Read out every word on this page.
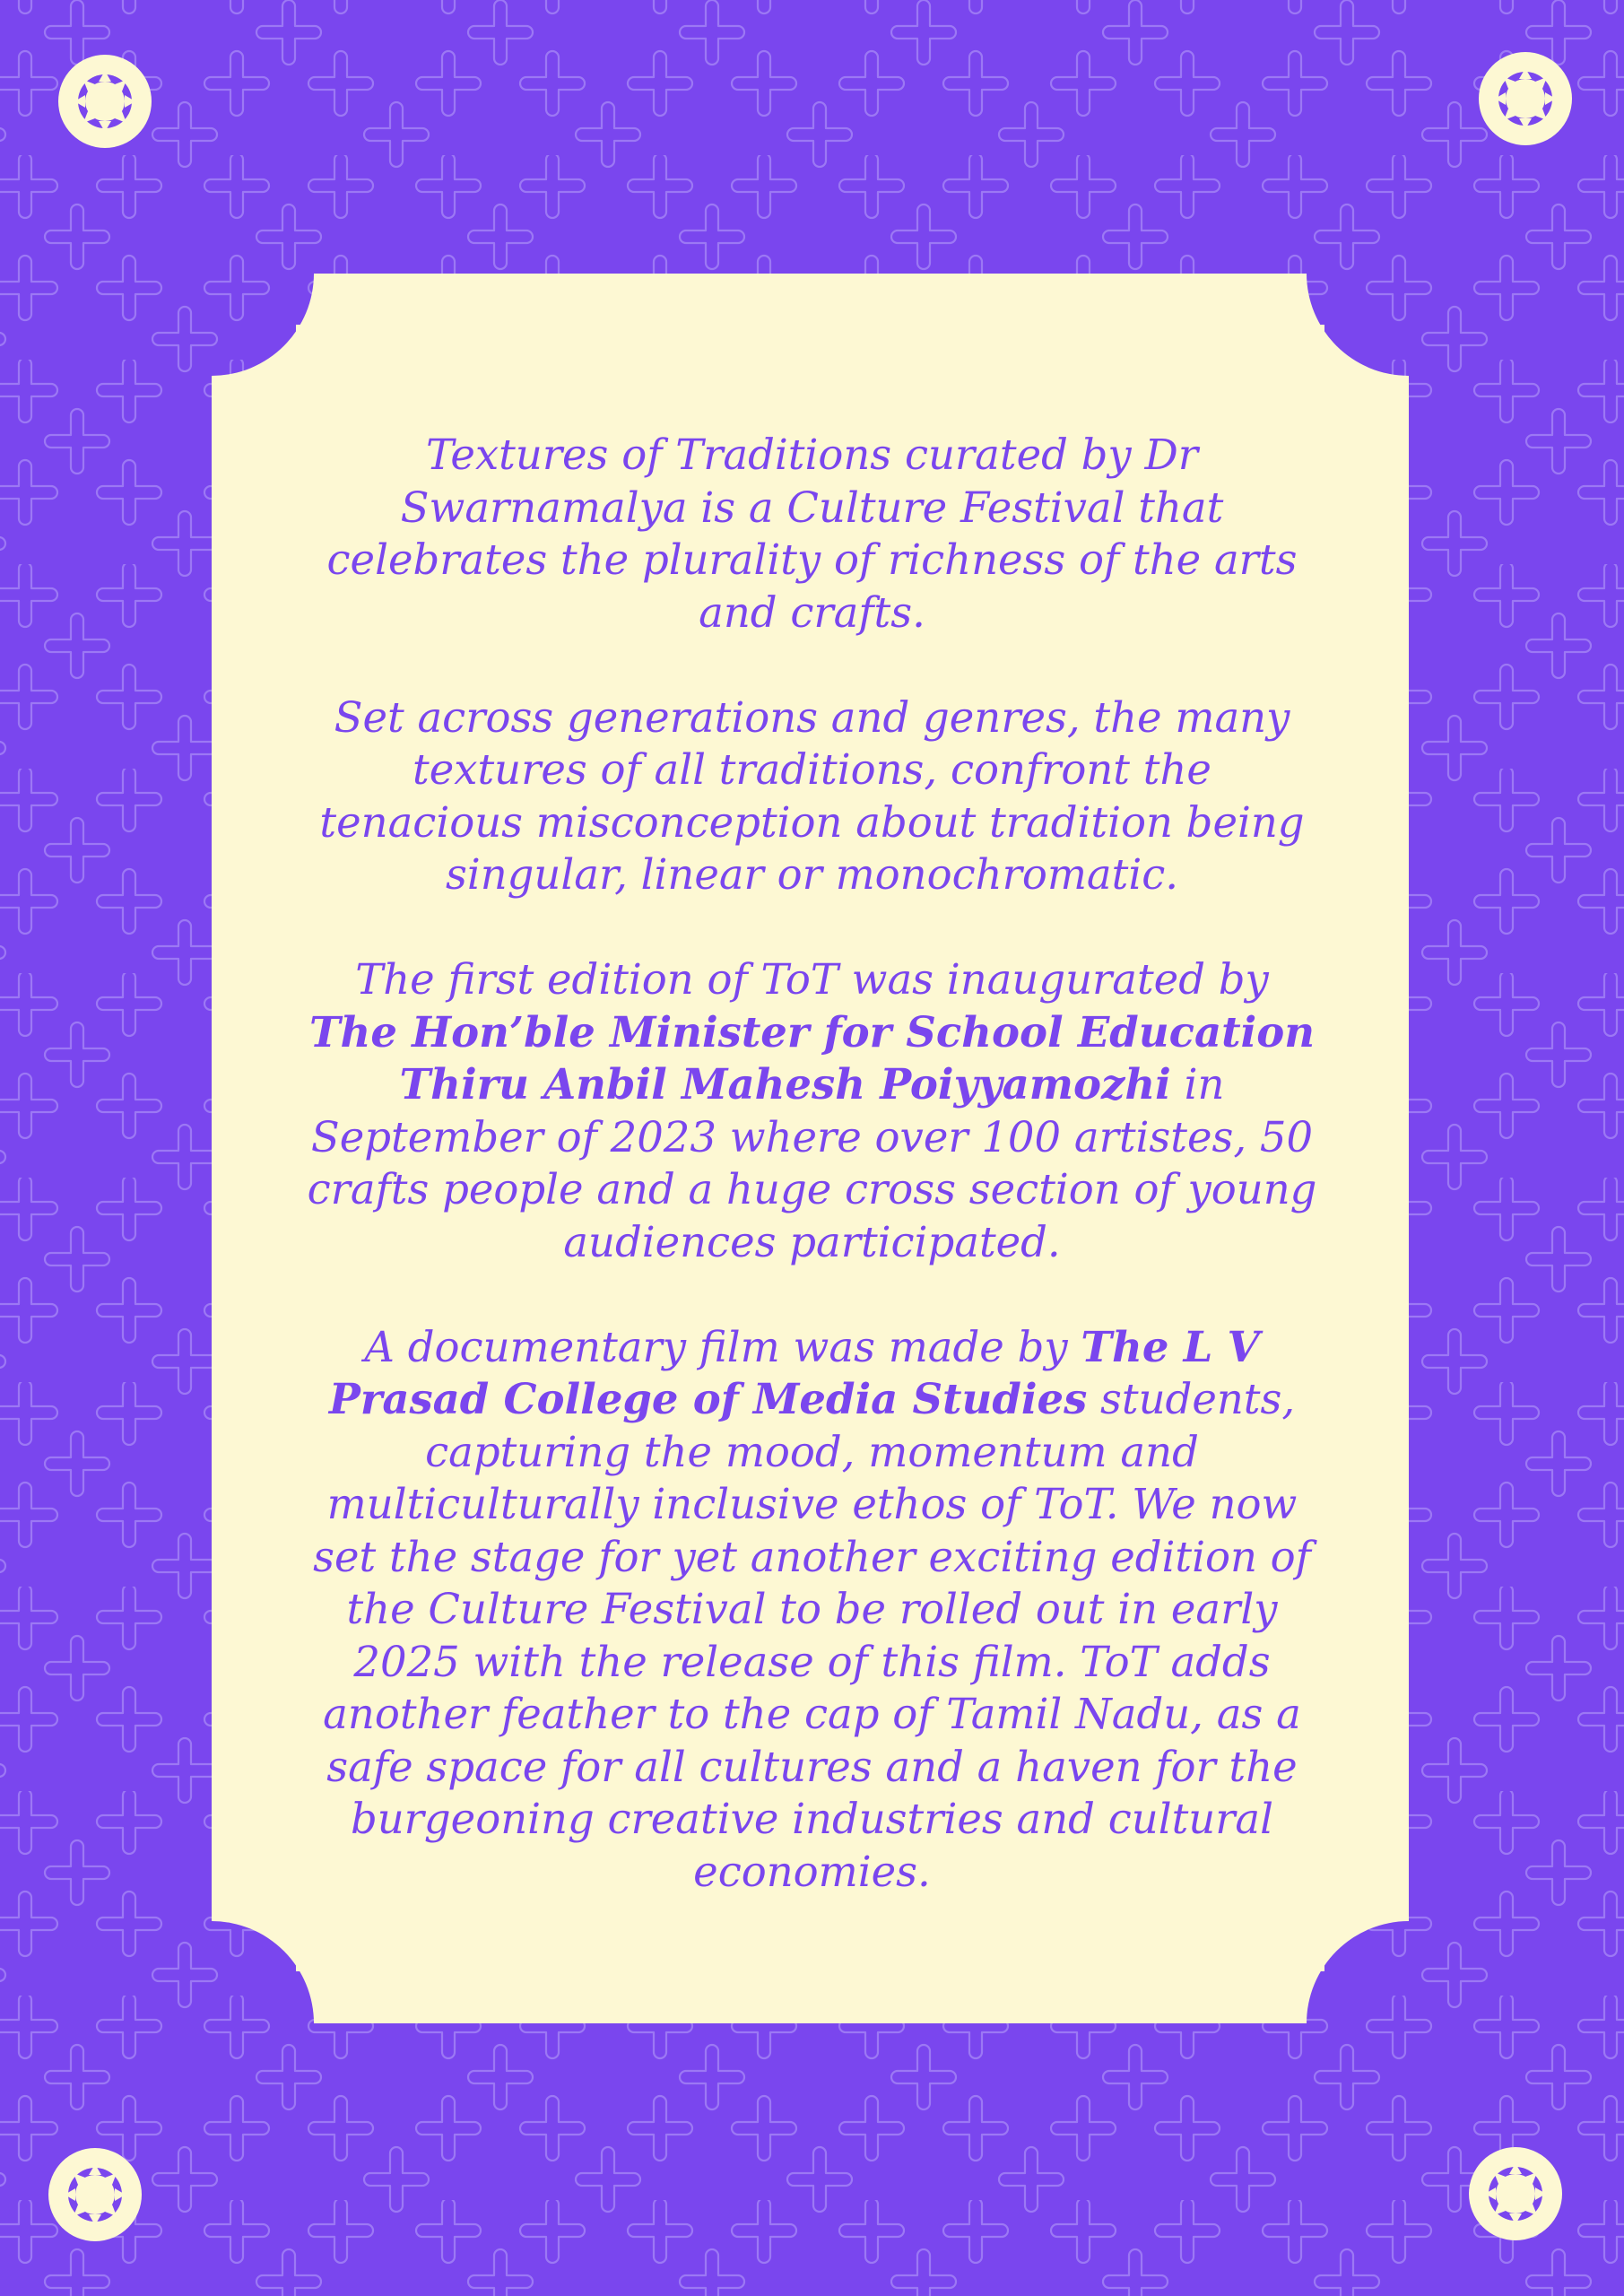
Textures of Traditions curated by Dr Swarnamalya is a Culture Festival that celebrates the plurality of richness of the arts and crafts.

Set across generations and genres, the many textures of all traditions, confront the tenacious misconception about tradition being singular, linear or monochromatic.

The first edition of ToT was inaugurated by The Hon’ble Minister for School Education Thiru Anbil Mahesh Poiyyamozhi in September of 2023 where over 100 artistes, 50 crafts people and a huge cross section of young audiences participated.

A documentary film was made by The L V Prasad College of Media Studies students, capturing the mood, momentum and multiculturally inclusive ethos of ToT. We now set the stage for yet another exciting edition of the Culture Festival to be rolled out in early 2025 with the release of this film. ToT adds another feather to the cap of Tamil Nadu, as a safe space for all cultures and a haven for the burgeoning creative industries and cultural economies.
